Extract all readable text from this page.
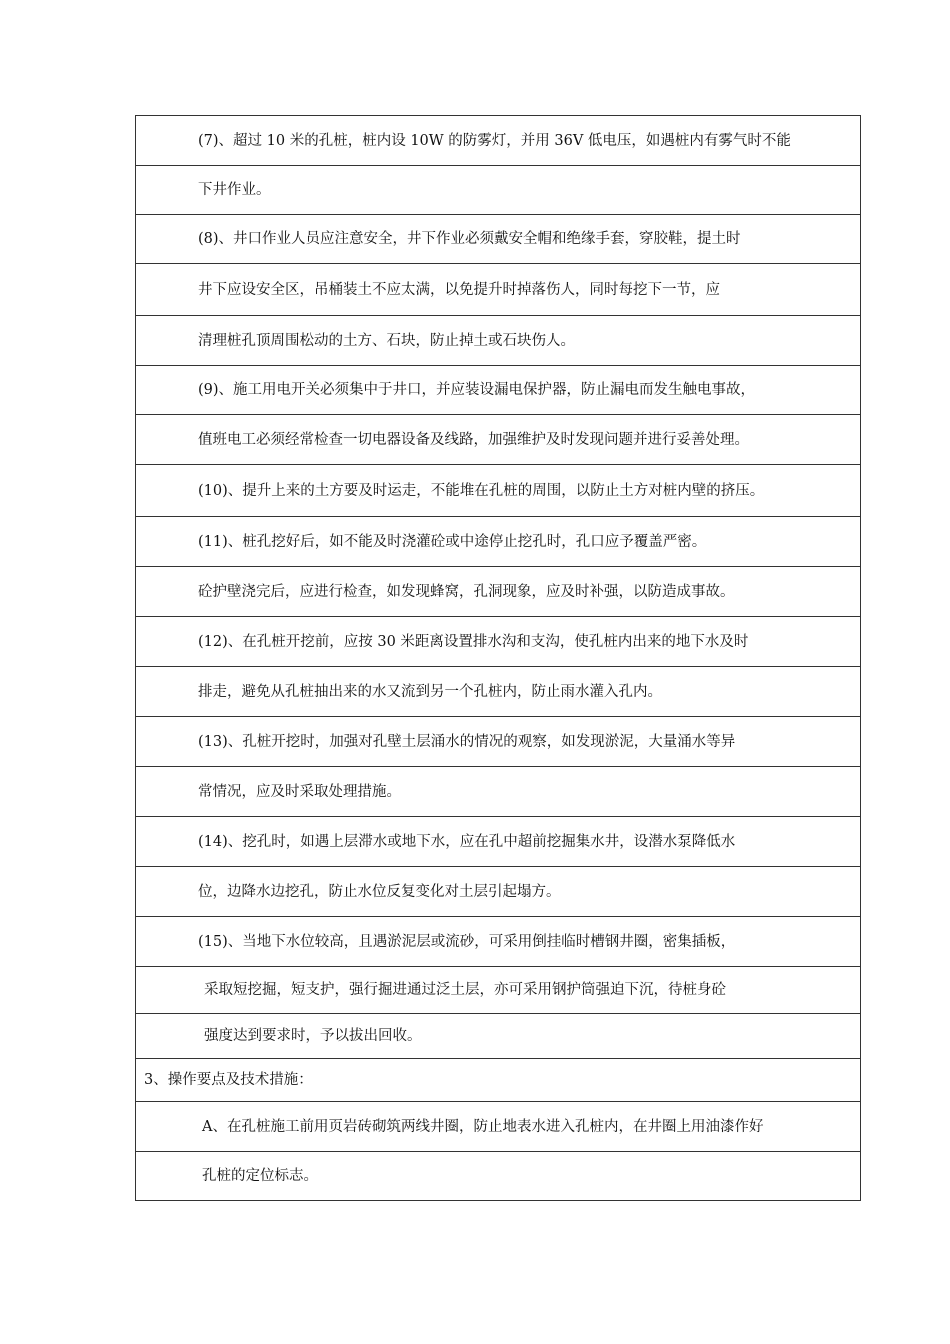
(7)、超过 10 米的孔桩，桩内设 10W 的防雾灯，并用 36V 低电压，如遇桩内有雾气时不能
下井作业。
(8)、井口作业人员应注意安全，井下作业必须戴安全帽和绝缘手套，穿胶鞋，提土时
井下应设安全区，吊桶装土不应太满，以免提升时掉落伤人，同时每挖下一节，应
清理桩孔顶周围松动的土方、石块，防止掉土或石块伤人。
(9)、施工用电开关必须集中于井口，并应装设漏电保护器，防止漏电而发生触电事故，
值班电工必须经常检查一切电器设备及线路，加强维护及时发现问题并进行妥善处理。
(10)、提升上来的土方要及时运走，不能堆在孔桩的周围，以防止土方对桩内壁的挤压。
(11)、桩孔挖好后，如不能及时浇灌砼或中途停止挖孔时，孔口应予覆盖严密。
砼护壁浇完后，应进行检查，如发现蜂窝，孔洞现象，应及时补强，以防造成事故。
(12)、在孔桩开挖前，应按 30 米距离设置排水沟和支沟，使孔桩内出来的地下水及时
排走，避免从孔桩抽出来的水又流到另一个孔桩内，防止雨水灌入孔内。
(13)、孔桩开挖时，加强对孔壁土层涌水的情况的观察，如发现淤泥，大量涌水等异
常情况，应及时采取处理措施。
(14)、挖孔时，如遇上层滞水或地下水，应在孔中超前挖掘集水井，设潜水泵降低水
位，边降水边挖孔，防止水位反复变化对土层引起塌方。
(15)、当地下水位较高，且遇淤泥层或流砂，可采用倒挂临时槽钢井圈，密集插板，
采取短挖掘，短支护，强行掘进通过泛土层，亦可采用钢护筒强迫下沉，待桩身砼
强度达到要求时，予以拔出回收。
3、操作要点及技术措施：
A、在孔桩施工前用页岩砖砌筑两线井圈，防止地表水进入孔桩内，在井圈上用油漆作好
孔桩的定位标志。
